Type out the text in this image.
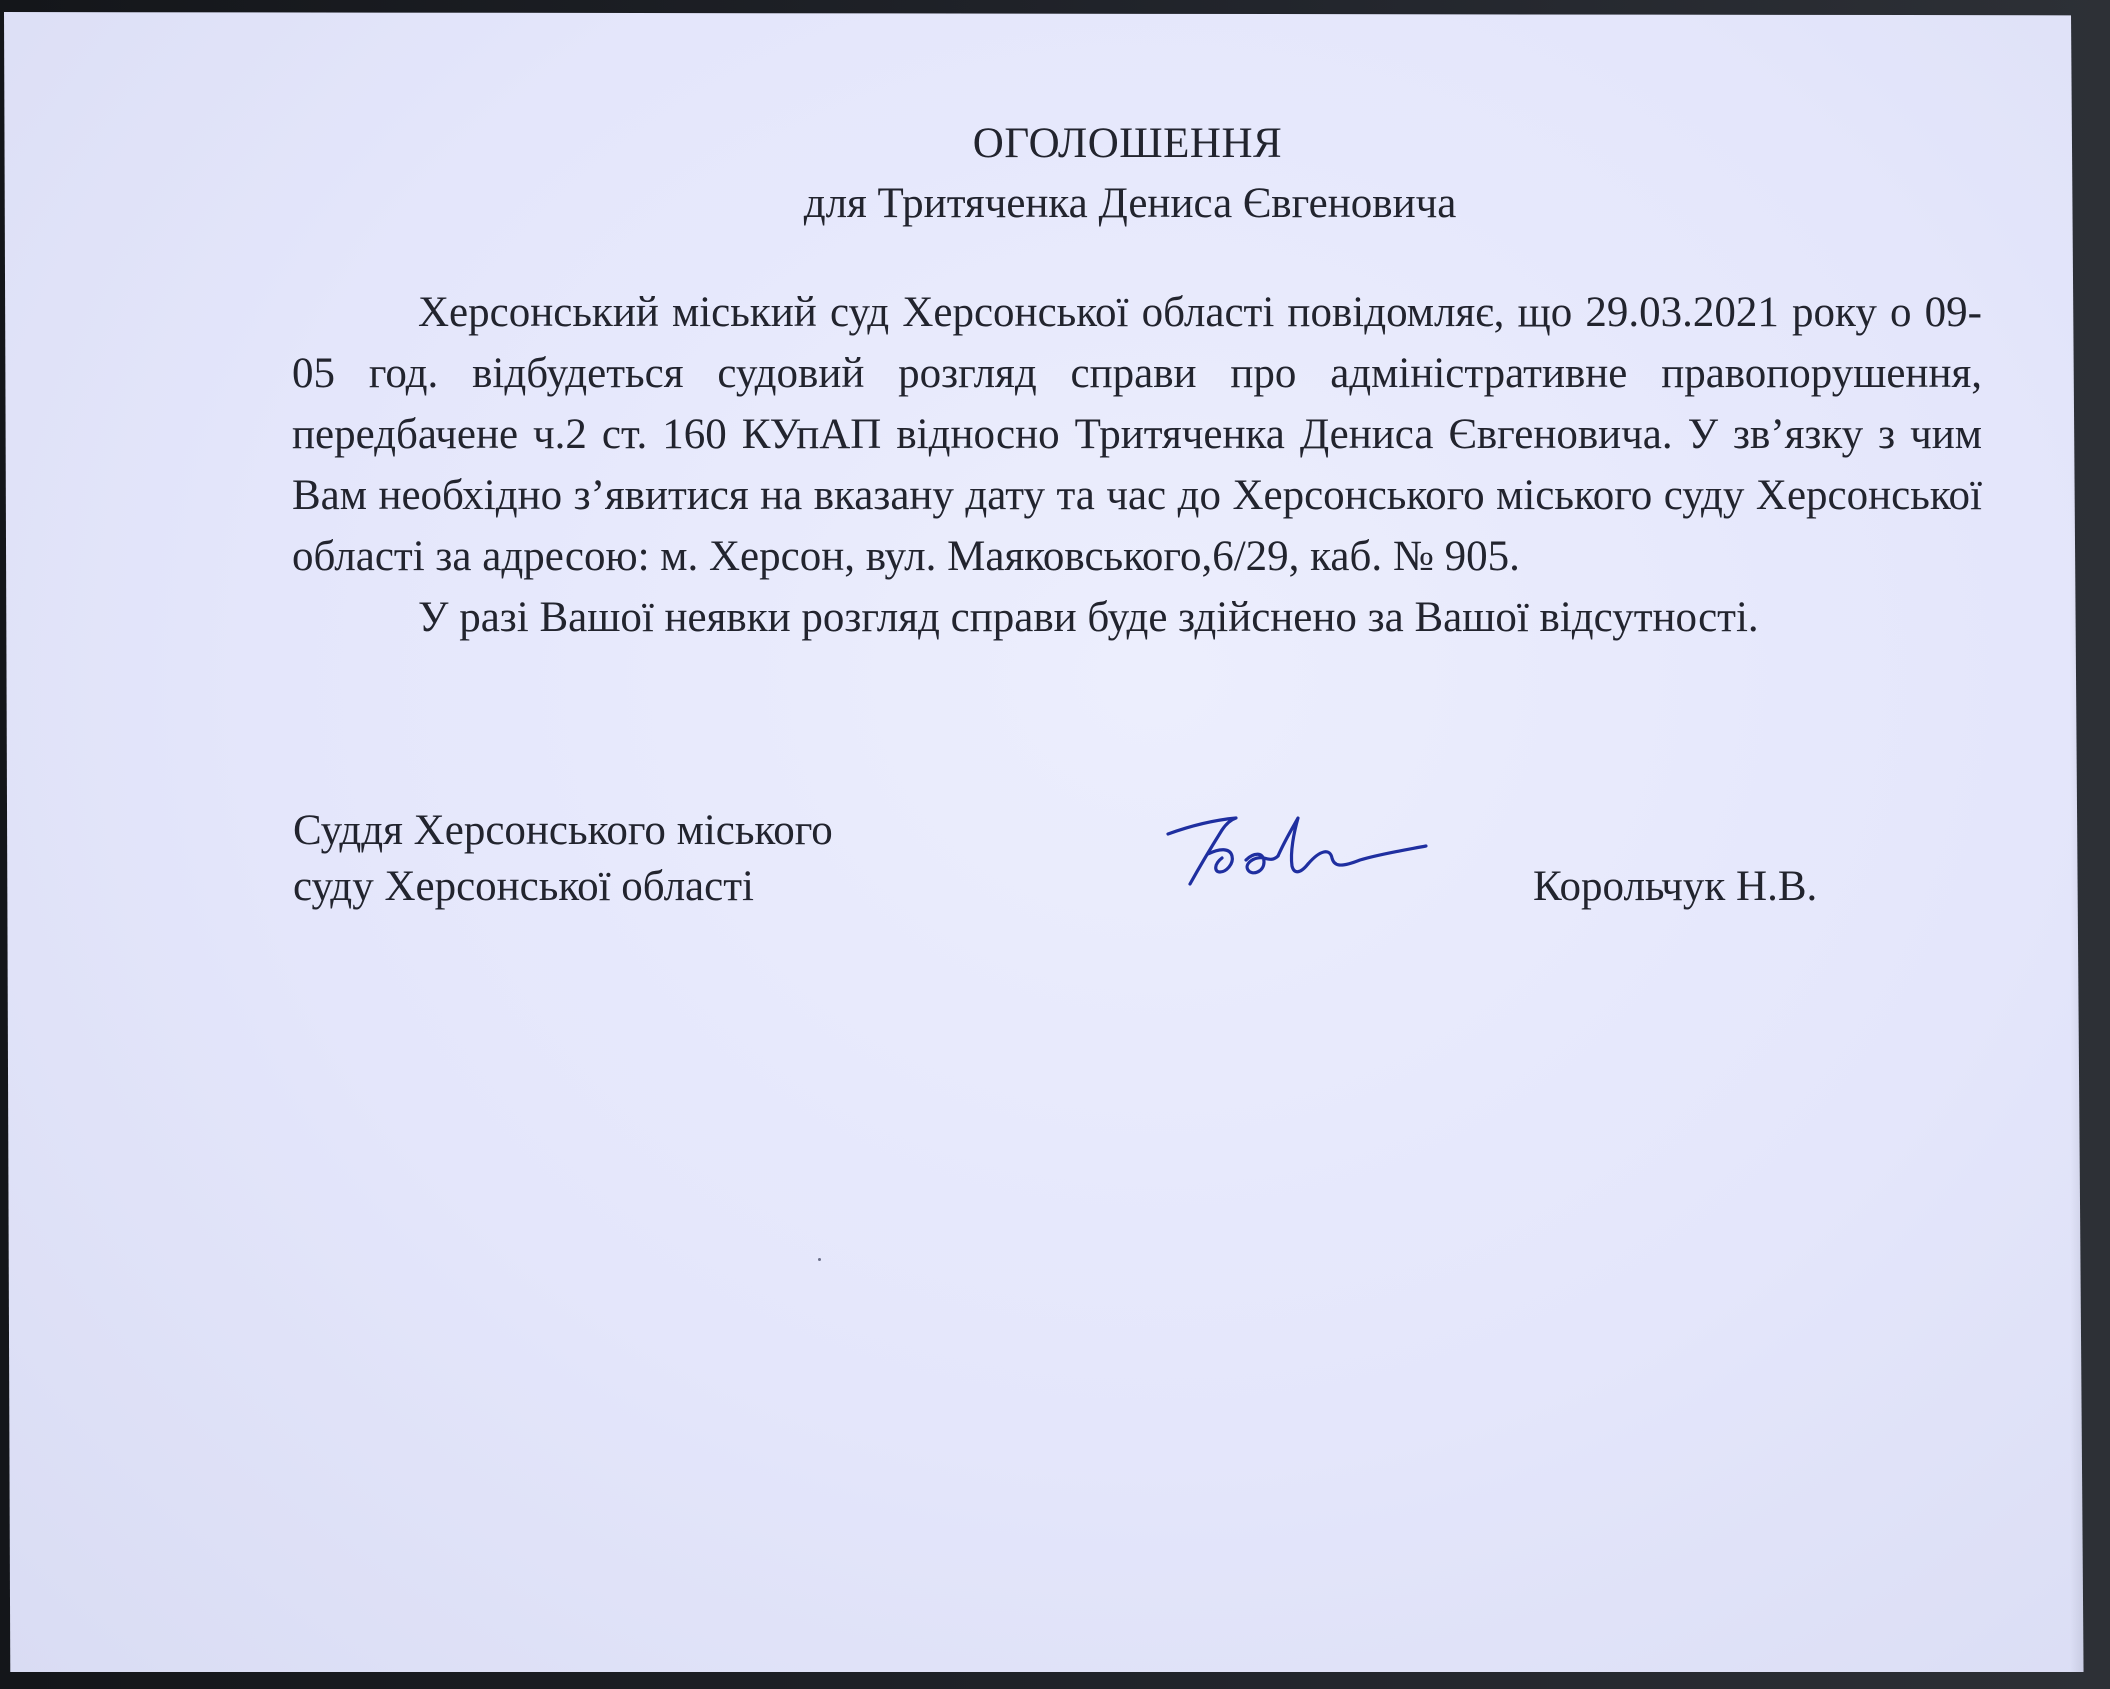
ОГОЛОШЕННЯ
для Тритяченка Дениса Євгеновича

Херсонський міський суд Херсонської області повідомляє, що 29.03.2021 року о 09-05 год. відбудеться судовий розгляд справи про адміністративне правопорушення, передбачене ч.2 ст. 160 КУпАП відносно Тритяченка Дениса Євгеновича. У зв’язку з чим Вам необхідно з’явитися на вказану дату та час до Херсонського міського суду Херсонської області за адресою: м. Херсон, вул. Маяковського,6/29, каб. № 905.

У разі Вашої неявки розгляд справи буде здійснено за Вашої відсутності.

Суддя Херсонського міського
суду Херсонської області	Корольчук Н.В.
